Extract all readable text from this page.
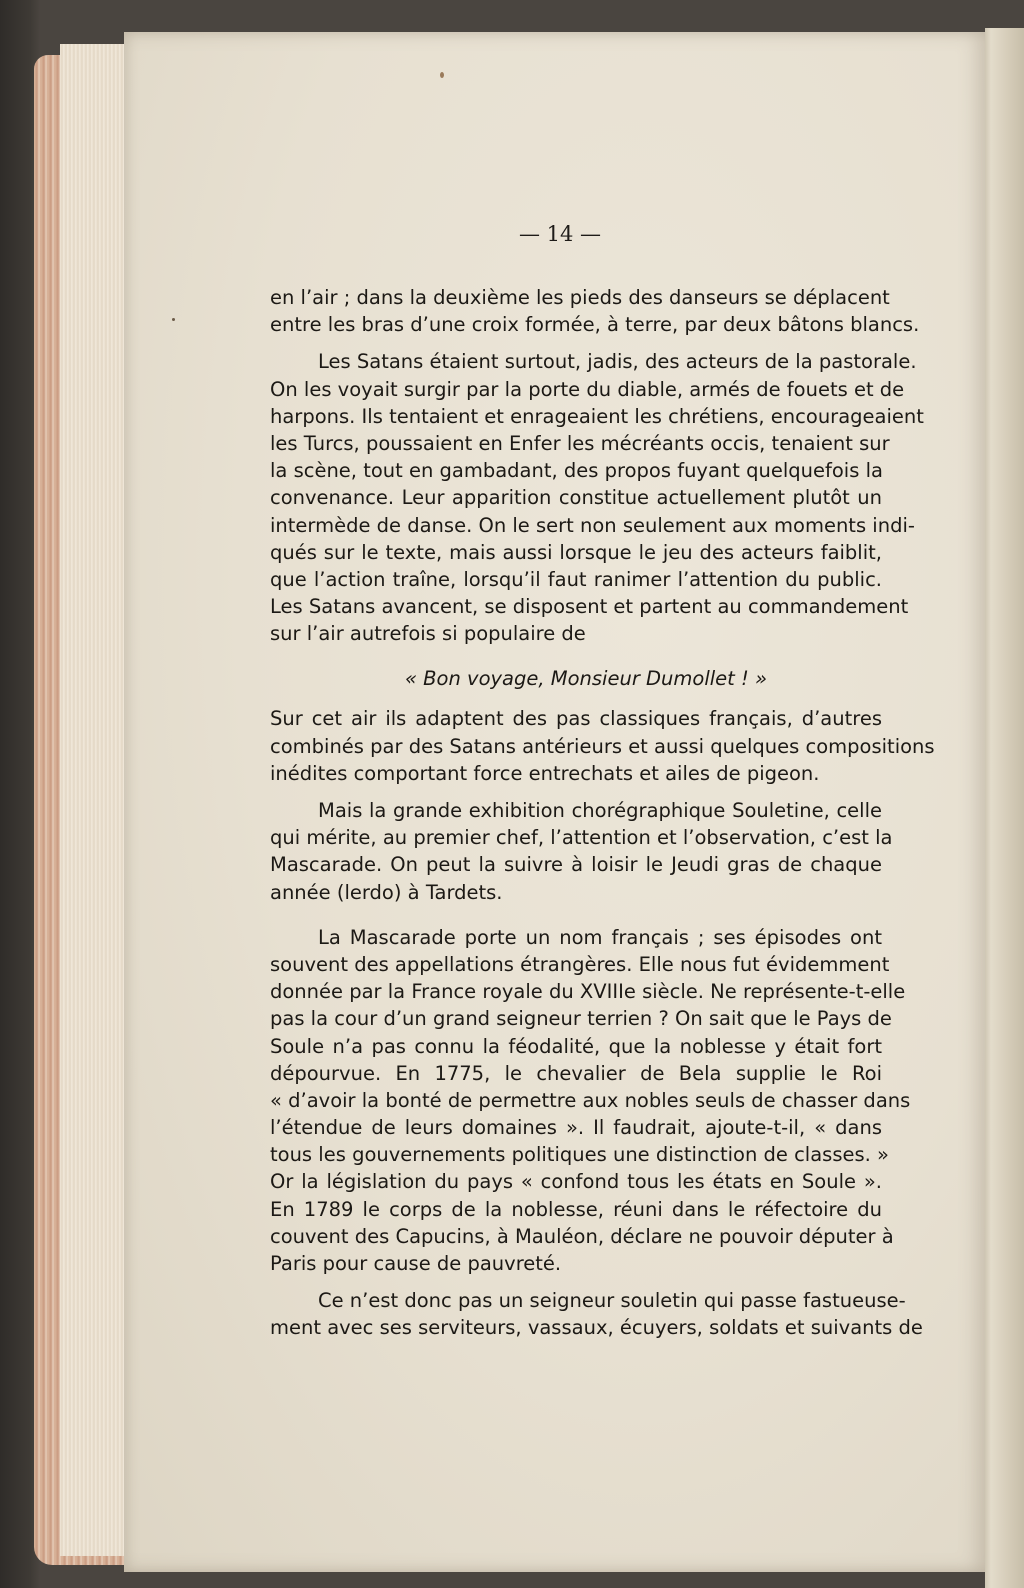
— 14 —
en l’air ; dans la deuxième les pieds des danseurs se déplacent
entre les bras d’une croix formée, à terre, par deux bâtons blancs.
Les Satans étaient surtout, jadis, des acteurs de la pastorale.
On les voyait surgir par la porte du diable, armés de fouets et de
harpons. Ils tentaient et enrageaient les chrétiens, encourageaient
les Turcs, poussaient en Enfer les mécréants occis, tenaient sur
la scène, tout en gambadant, des propos fuyant quelquefois la
convenance. Leur apparition constitue actuellement plutôt un
intermède de danse. On le sert non seulement aux moments indi-
qués sur le texte, mais aussi lorsque le jeu des acteurs faiblit,
que l’action traîne, lorsqu’il faut ranimer l’attention du public.
Les Satans avancent, se disposent et partent au commandement
sur l’air autrefois si populaire de
« Bon voyage, Monsieur Dumollet ! »
Sur cet air ils adaptent des pas classiques français, d’autres
combinés par des Satans antérieurs et aussi quelques compositions
inédites comportant force entrechats et ailes de pigeon.
Mais la grande exhibition chorégraphique Souletine, celle
qui mérite, au premier chef, l’attention et l’observation, c’est la
Mascarade. On peut la suivre à loisir le Jeudi gras de chaque
année (lerdo) à Tardets.
La Mascarade porte un nom français ; ses épisodes ont
souvent des appellations étrangères. Elle nous fut évidemment
donnée par la France royale du XVIIIe siècle. Ne représente-t-elle
pas la cour d’un grand seigneur terrien ? On sait que le Pays de
Soule n’a pas connu la féodalité, que la noblesse y était fort
dépourvue. En 1775, le chevalier de Bela supplie le Roi
« d’avoir la bonté de permettre aux nobles seuls de chasser dans
l’étendue de leurs domaines ». Il faudrait, ajoute-t-il, « dans
tous les gouvernements politiques une distinction de classes. »
Or la législation du pays « confond tous les états en Soule ».
En 1789 le corps de la noblesse, réuni dans le réfectoire du
couvent des Capucins, à Mauléon, déclare ne pouvoir députer à
Paris pour cause de pauvreté.
Ce n’est donc pas un seigneur souletin qui passe fastueuse-
ment avec ses serviteurs, vassaux, écuyers, soldats et suivants de
